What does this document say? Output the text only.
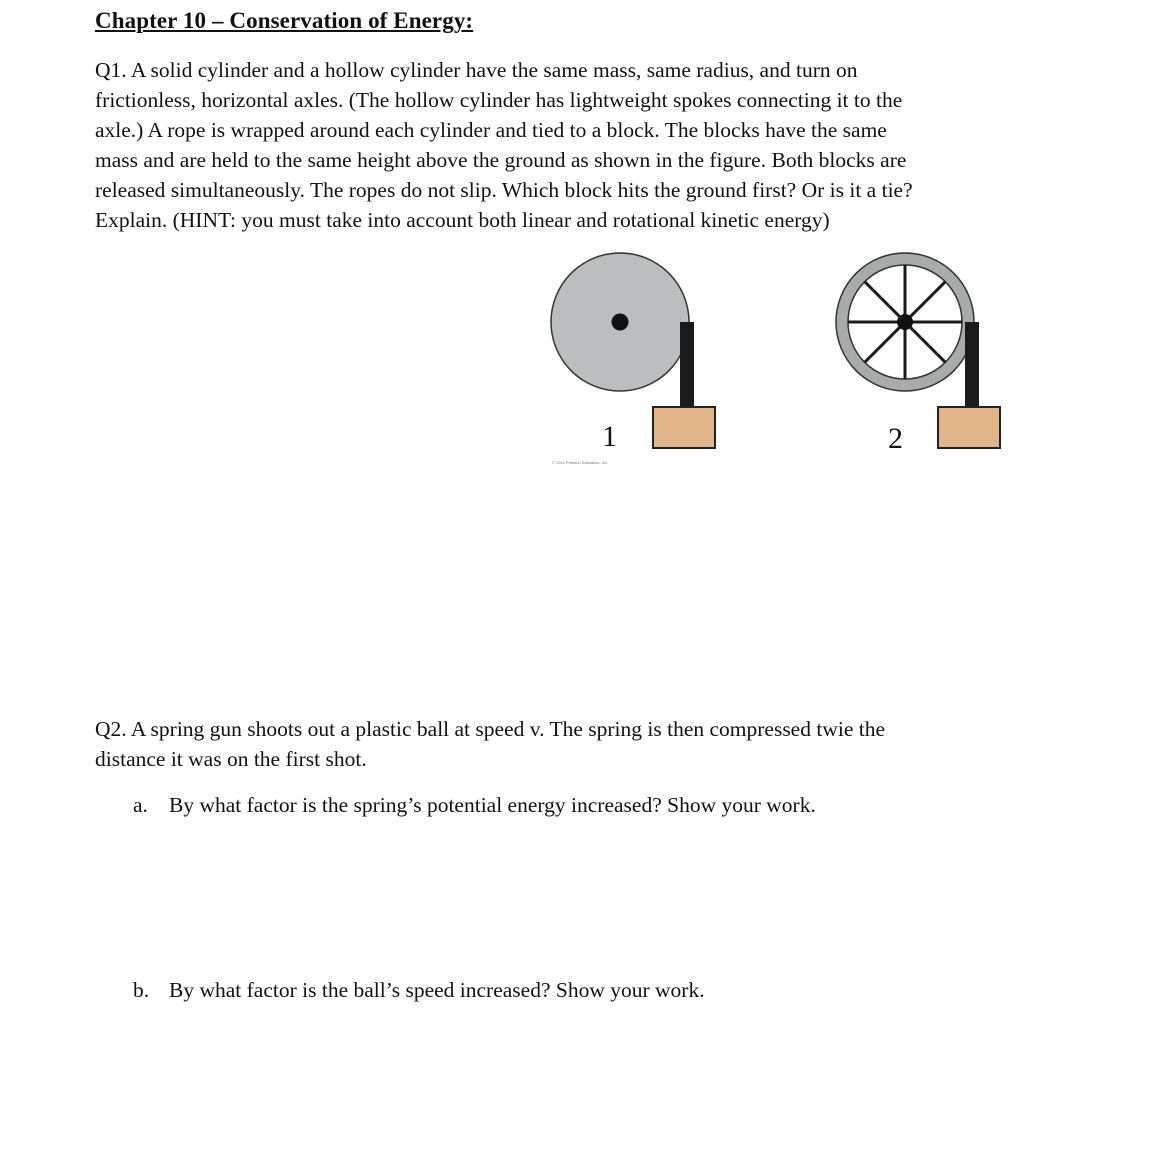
Chapter 10 – Conservation of Energy:
Q1. A solid cylinder and a hollow cylinder have the same mass, same radius, and turn on
frictionless, horizontal axles. (The hollow cylinder has lightweight spokes connecting it to the
axle.) A rope is wrapped around each cylinder and tied to a block. The blocks have the same
mass and are held to the same height above the ground as shown in the figure. Both blocks are
released simultaneously. The ropes do not slip. Which block hits the ground first? Or is it a tie?
Explain. (HINT: you must take into account both linear and rotational kinetic energy)
1	2
© 2011 Pearson Education, Inc.
Q2. A spring gun shoots out a plastic ball at speed v. The spring is then compressed twie the
distance it was on the first shot.
a. By what factor is the spring’s potential energy increased? Show your work.
b. By what factor is the ball’s speed increased? Show your work.
